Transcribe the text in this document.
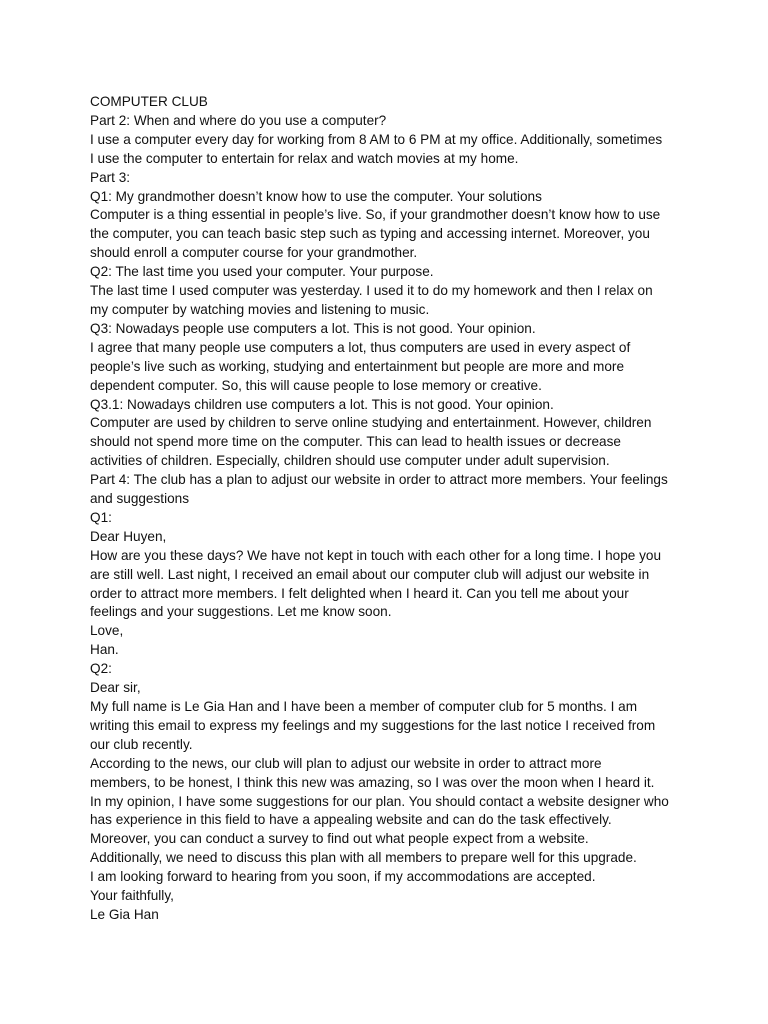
COMPUTER CLUB
Part 2: When and where do you use a computer?
I use a computer every day for working from 8 AM to 6 PM at my office. Additionally, sometimes
I use the computer to entertain for relax and watch movies at my home.
Part 3:
Q1: My grandmother doesn’t know how to use the computer. Your solutions
Computer is a thing essential in people’s live. So, if your grandmother doesn’t know how to use
the computer, you can teach basic step such as typing and accessing internet. Moreover, you
should enroll a computer course for your grandmother.
Q2: The last time you used your computer. Your purpose.
The last time I used computer was yesterday. I used it to do my homework and then I relax on
my computer by watching movies and listening to music.
Q3: Nowadays people use computers a lot. This is not good. Your opinion.
I agree that many people use computers a lot, thus computers are used in every aspect of
people’s live such as working, studying and entertainment but people are more and more
dependent computer. So, this will cause people to lose memory or creative.
Q3.1: Nowadays children use computers a lot. This is not good. Your opinion.
Computer are used by children to serve online studying and entertainment. However, children
should not spend more time on the computer. This can lead to health issues or decrease
activities of children. Especially, children should use computer under adult supervision.
Part 4: The club has a plan to adjust our website in order to attract more members. Your feelings
and suggestions
Q1:
Dear Huyen,
How are you these days? We have not kept in touch with each other for a long time. I hope you
are still well. Last night, I received an email about our computer club will adjust our website in
order to attract more members. I felt delighted when I heard it. Can you tell me about your
feelings and your suggestions. Let me know soon.
Love,
Han.
Q2:
Dear sir,
My full name is Le Gia Han and I have been a member of computer club for 5 months. I am
writing this email to express my feelings and my suggestions for the last notice I received from
our club recently.
According to the news, our club will plan to adjust our website in order to attract more
members, to be honest, I think this new was amazing, so I was over the moon when I heard it.
In my opinion, I have some suggestions for our plan. You should contact a website designer who
has experience in this field to have a appealing website and can do the task effectively.
Moreover, you can conduct a survey to find out what people expect from a website.
Additionally, we need to discuss this plan with all members to prepare well for this upgrade.
I am looking forward to hearing from you soon, if my accommodations are accepted.
Your faithfully,
Le Gia Han
